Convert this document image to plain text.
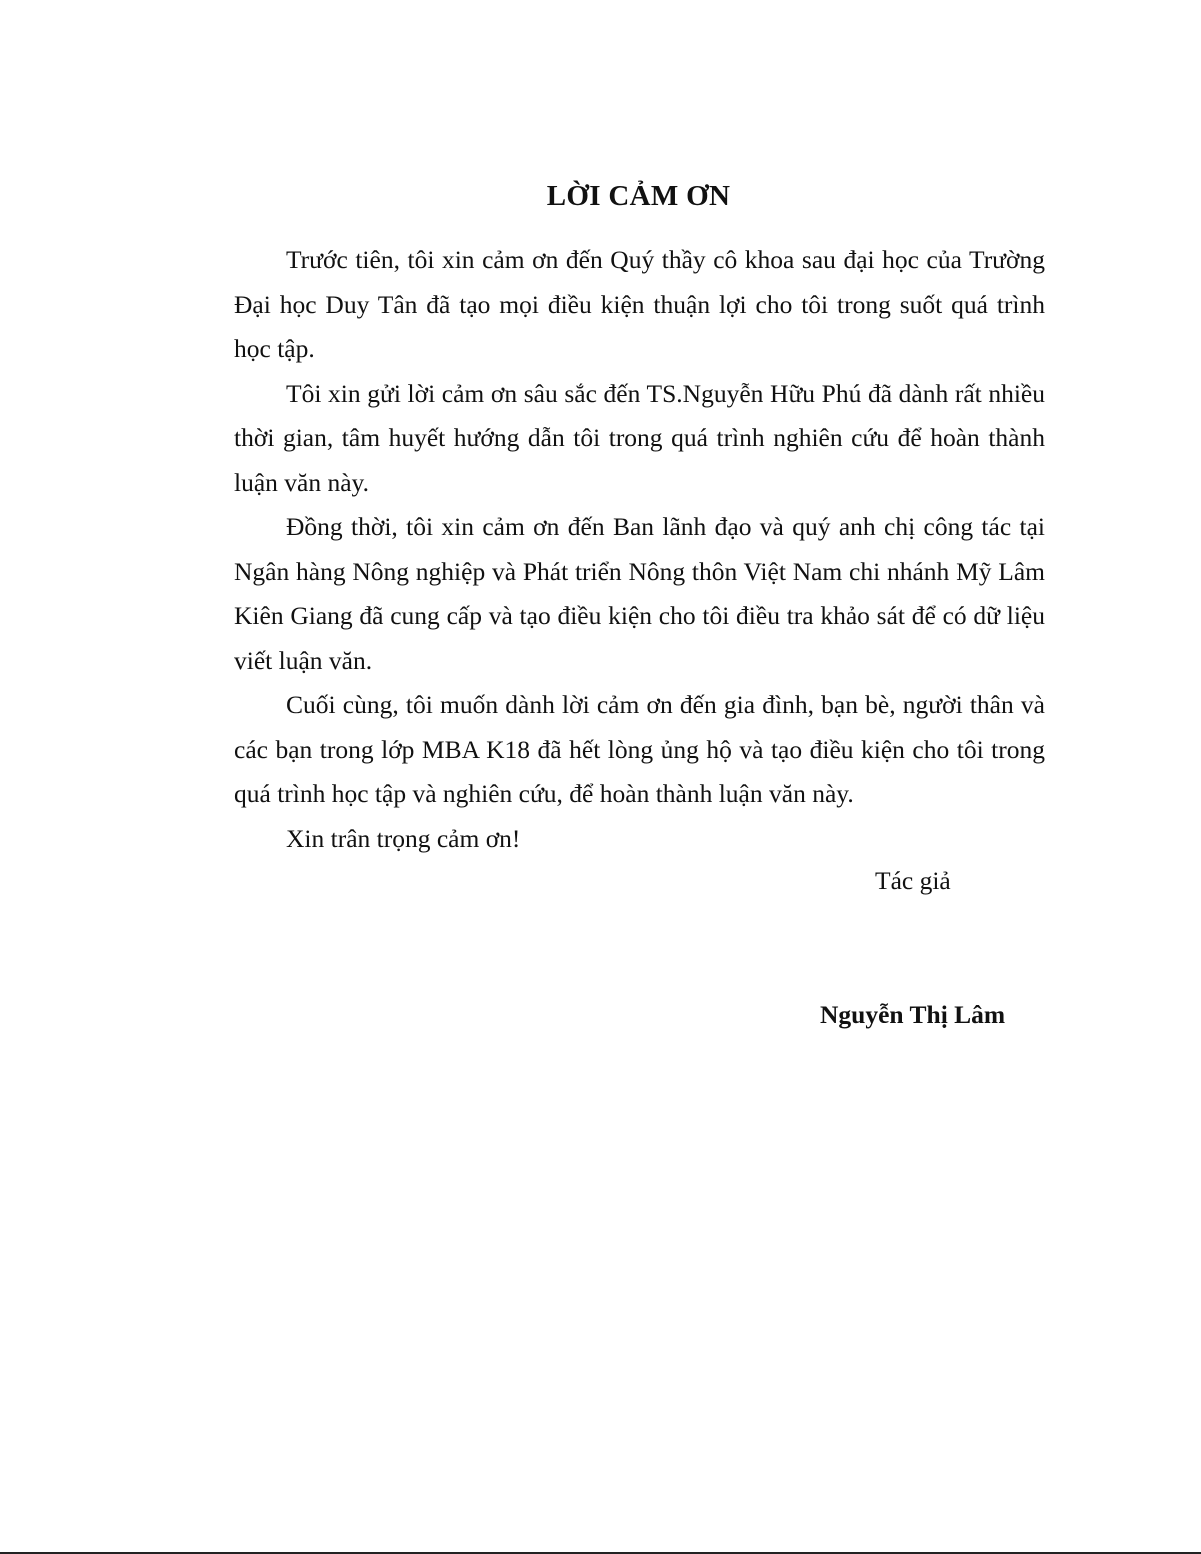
LỜI CẢM ƠN

Trước tiên, tôi xin cảm ơn đến Quý thầy cô khoa sau đại học của Trường Đại học Duy Tân đã tạo mọi điều kiện thuận lợi cho tôi trong suốt quá trình học tập.

Tôi xin gửi lời cảm ơn sâu sắc đến TS.Nguyễn Hữu Phú đã dành rất nhiều thời gian, tâm huyết hướng dẫn tôi trong quá trình nghiên cứu để hoàn thành luận văn này.

Đồng thời, tôi xin cảm ơn đến Ban lãnh đạo và quý anh chị công tác tại Ngân hàng Nông nghiệp và Phát triển Nông thôn Việt Nam chi nhánh Mỹ Lâm Kiên Giang đã cung cấp và tạo điều kiện cho tôi điều tra khảo sát để có dữ liệu viết luận văn.

Cuối cùng, tôi muốn dành lời cảm ơn đến gia đình, bạn bè, người thân và các bạn trong lớp MBA K18 đã hết lòng ủng hộ và tạo điều kiện cho tôi trong quá trình học tập và nghiên cứu, để hoàn thành luận văn này.

Xin trân trọng cảm ơn!

Tác giả

Nguyễn Thị Lâm
